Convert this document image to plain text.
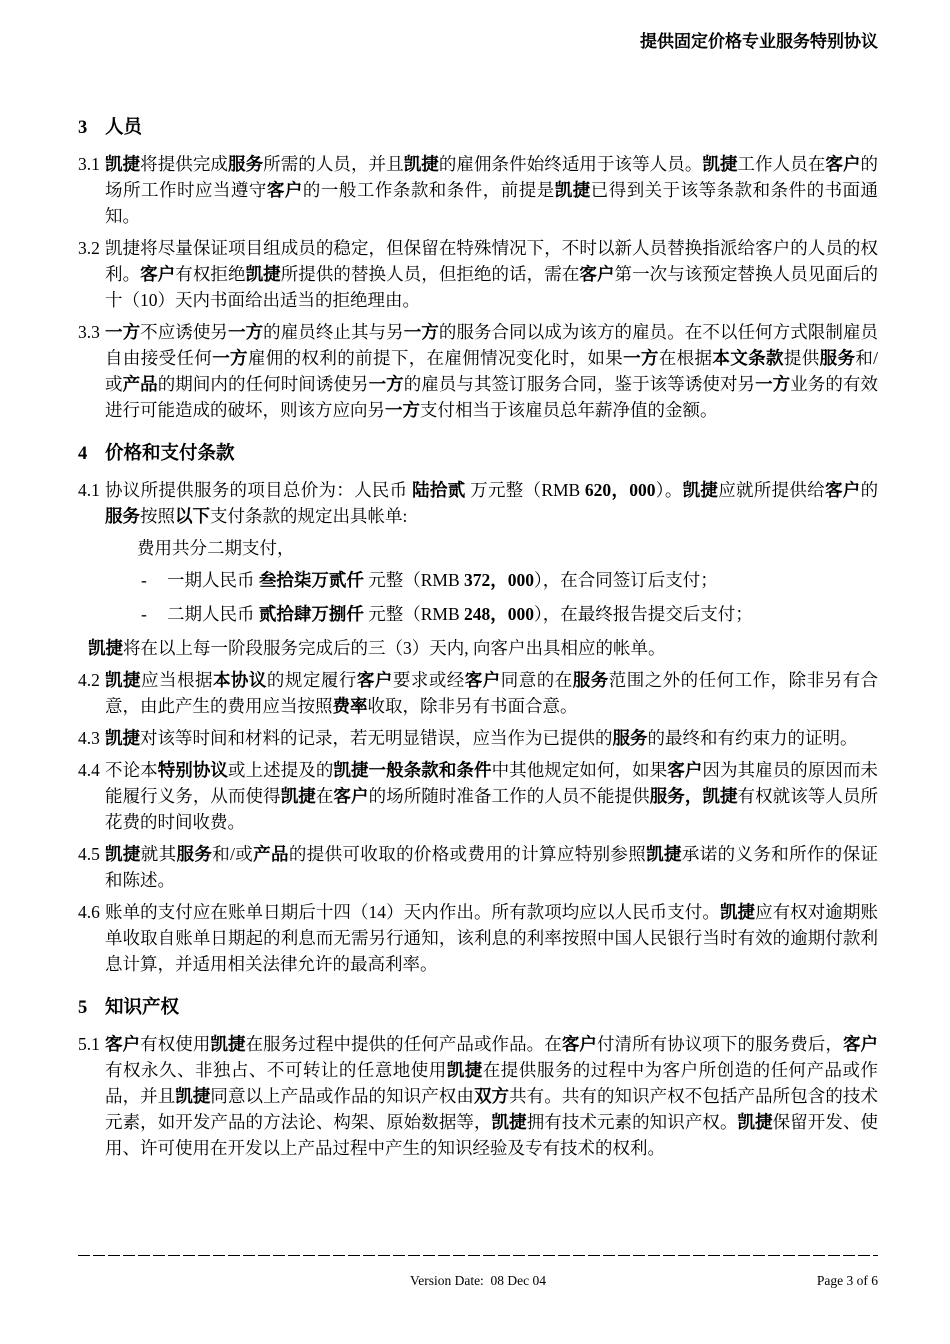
提供固定价格专业服务特别协议
3 人员
3.1 凯捷将提供完成服务所需的人员，并且凯捷的雇佣条件始终适用于该等人员。凯捷工作人员在客户的场所工作时应当遵守客户的一般工作条款和条件，前提是凯捷已得到关于该等条款和条件的书面通知。
3.2 凯捷将尽量保证项目组成员的稳定，但保留在特殊情况下，不时以新人员替换指派给客户的人员的权利。客户有权拒绝凯捷所提供的替换人员，但拒绝的话，需在客户第一次与该预定替换人员见面后的十（10）天内书面给出适当的拒绝理由。
3.3 一方不应诱使另一方的雇员终止其与另一方的服务合同以成为该方的雇员。在不以任何方式限制雇员自由接受任何一方雇佣的权利的前提下，在雇佣情况变化时，如果一方在根据本文条款提供服务和/或产品的期间内的任何时间诱使另一方的雇员与其签订服务合同，鉴于该等诱使对另一方业务的有效进行可能造成的破坏，则该方应向另一方支付相当于该雇员总年薪净值的金额。
4 价格和支付条款
4.1 协议所提供服务的项目总价为：人民币 陆拾贰 万元整（RMB 620，000）。凯捷应就所提供给客户的服务按照以下支付条款的规定出具帐单:
费用共分二期支付，
-	一期人民币 叁拾柒万贰仟 元整（RMB 372，000），在合同签订后支付；
-	二期人民币 贰拾肆万捌仟 元整（RMB 248，000），在最终报告提交后支付；
凯捷将在以上每一阶段服务完成后的三（3）天内, 向客户出具相应的帐单。
4.2 凯捷应当根据本协议的规定履行客户要求或经客户同意的在服务范围之外的任何工作，除非另有合意，由此产生的费用应当按照费率收取，除非另有书面合意。
4.3 凯捷对该等时间和材料的记录，若无明显错误，应当作为已提供的服务的最终和有约束力的证明。
4.4 不论本特别协议或上述提及的凯捷一般条款和条件中其他规定如何，如果客户因为其雇员的原因而未能履行义务，从而使得凯捷在客户的场所随时准备工作的人员不能提供服务，凯捷有权就该等人员所花费的时间收费。
4.5 凯捷就其服务和/或产品的提供可收取的价格或费用的计算应特别参照凯捷承诺的义务和所作的保证和陈述。
4.6 账单的支付应在账单日期后十四（14）天内作出。所有款项均应以人民币支付。凯捷应有权对逾期账单收取自账单日期起的利息而无需另行通知，该利息的利率按照中国人民银行当时有效的逾期付款利息计算，并适用相关法律允许的最高利率。
5 知识产权
5.1 客户有权使用凯捷在服务过程中提供的任何产品或作品。在客户付清所有协议项下的服务费后，客户有权永久、非独占、不可转让的任意地使用凯捷在提供服务的过程中为客户所创造的任何产品或作品，并且凯捷同意以上产品或作品的知识产权由双方共有。共有的知识产权不包括产品所包含的技术元素，如开发产品的方法论、构架、原始数据等，凯捷拥有技术元素的知识产权。凯捷保留开发、使用、许可使用在开发以上产品过程中产生的知识经验及专有技术的权利。
Version Date:  08 Dec 04	Page 3 of 6
